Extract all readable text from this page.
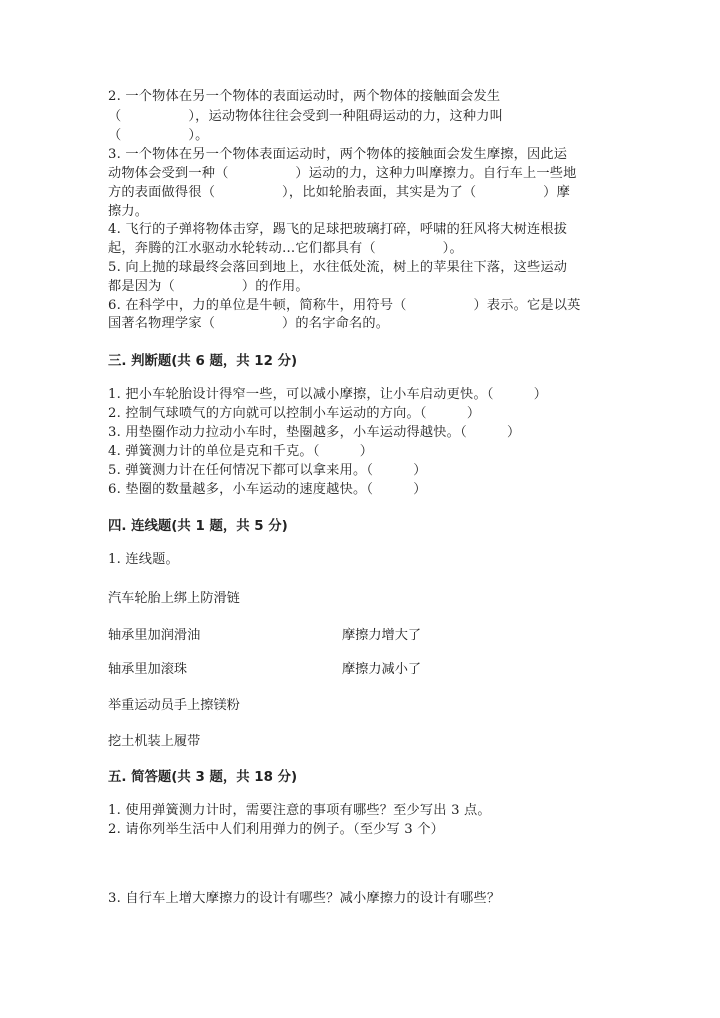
2. 一个物体在另一个物体的表面运动时，两个物体的接触面会发生
（　　　　　），运动物体往往会受到一种阻碍运动的力，这种力叫
（　　　　　）。
3. 一个物体在另一个物体表面运动时，两个物体的接触面会发生摩擦，因此运
动物体会受到一种（　　　　　）运动的力，这种力叫摩擦力。自行车上一些地
方的表面做得很（　　　　　），比如轮胎表面，其实是为了（　　　　　）摩
擦力。
4. 飞行的子弹将物体击穿，踢飞的足球把玻璃打碎，呼啸的狂风将大树连根拔
起，奔腾的江水驱动水轮转动…它们都具有（　　　　　）。
5. 向上抛的球最终会落回到地上，水往低处流，树上的苹果往下落，这些运动
都是因为（　　　　　）的作用。
6. 在科学中，力的单位是牛顿，简称牛，用符号（　　　　　）表示。它是以英
国著名物理学家（　　　　　）的名字命名的。
三. 判断题(共 6 题，共 12 分)
1. 把小车轮胎设计得窄一些，可以减小摩擦，让小车启动更快。（　　　）
2. 控制气球喷气的方向就可以控制小车运动的方向。（　　　）
3. 用垫圈作动力拉动小车时，垫圈越多，小车运动得越快。（　　　）
4. 弹簧测力计的单位是克和千克。（　　　）
5. 弹簧测力计在任何情况下都可以拿来用。（　　　）
6. 垫圈的数量越多，小车运动的速度越快。（　　　）
四. 连线题(共 1 题，共 5 分)
1. 连线题。
汽车轮胎上绑上防滑链
轴承里加润滑油	摩擦力增大了
轴承里加滚珠	摩擦力减小了
举重运动员手上擦镁粉
挖土机装上履带
五. 简答题(共 3 题，共 18 分)
1. 使用弹簧测力计时，需要注意的事项有哪些？至少写出 3 点。
2. 请你列举生活中人们利用弹力的例子。（至少写 3 个）
3. 自行车上增大摩擦力的设计有哪些？减小摩擦力的设计有哪些？
